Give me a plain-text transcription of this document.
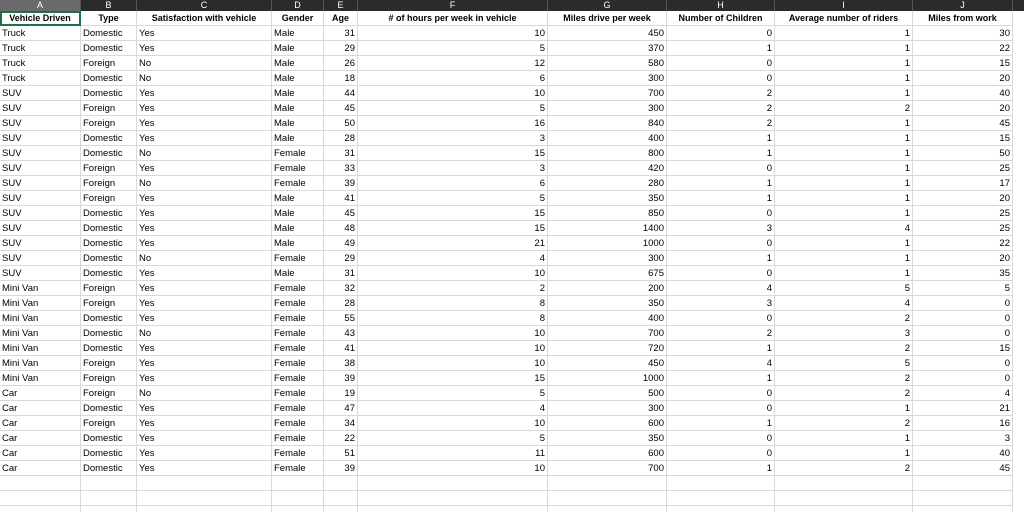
A	B	C	D	E	F	G	H	I	J
Vehicle Driven	Type	Satisfaction with vehicle	Gender	Age	# of hours per week in vehicle	Miles drive per week	Number of Children	Average number of riders	Miles from work
Truck	Domestic	Yes	Male	31	10	450	0	1	30
Truck	Domestic	Yes	Male	29	5	370	1	1	22
Truck	Foreign	No	Male	26	12	580	0	1	15
Truck	Domestic	No	Male	18	6	300	0	1	20
SUV	Domestic	Yes	Male	44	10	700	2	1	40
SUV	Foreign	Yes	Male	45	5	300	2	2	20
SUV	Foreign	Yes	Male	50	16	840	2	1	45
SUV	Domestic	Yes	Male	28	3	400	1	1	15
SUV	Domestic	No	Female	31	15	800	1	1	50
SUV	Foreign	Yes	Female	33	3	420	0	1	25
SUV	Foreign	No	Female	39	6	280	1	1	17
SUV	Foreign	Yes	Male	41	5	350	1	1	20
SUV	Domestic	Yes	Male	45	15	850	0	1	25
SUV	Domestic	Yes	Male	48	15	1400	3	4	25
SUV	Domestic	Yes	Male	49	21	1000	0	1	22
SUV	Domestic	No	Female	29	4	300	1	1	20
SUV	Domestic	Yes	Male	31	10	675	0	1	35
Mini Van	Foreign	Yes	Female	32	2	200	4	5	5
Mini Van	Foreign	Yes	Female	28	8	350	3	4	0
Mini Van	Domestic	Yes	Female	55	8	400	0	2	0
Mini Van	Domestic	No	Female	43	10	700	2	3	0
Mini Van	Domestic	Yes	Female	41	10	720	1	2	15
Mini Van	Foreign	Yes	Female	38	10	450	4	5	0
Mini Van	Foreign	Yes	Female	39	15	1000	1	2	0
Car	Foreign	No	Female	19	5	500	0	2	4
Car	Domestic	Yes	Female	47	4	300	0	1	21
Car	Foreign	Yes	Female	34	10	600	1	2	16
Car	Domestic	Yes	Female	22	5	350	0	1	3
Car	Domestic	Yes	Female	51	11	600	0	1	40
Car	Domestic	Yes	Female	39	10	700	1	2	45
